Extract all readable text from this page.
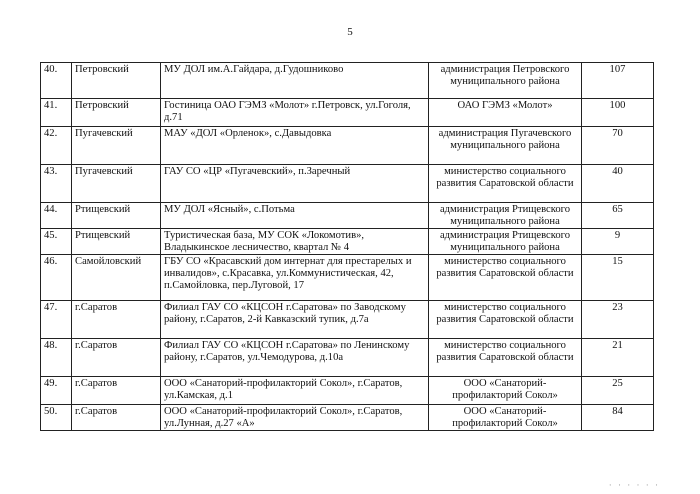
5
40.	Петровский	МУ ДОЛ им.А.Гайдара, д.Гудошниково	администрация Петровского муниципального района	107
41.	Петровский	Гостиница ОАО ГЭМЗ «Молот» г.Петровск, ул.Гоголя, д.71	ОАО ГЭМЗ «Молот»	100
42.	Пугачевский	МАУ «ДОЛ «Орленок», с.Давыдовка	администрация Пугачевского муниципального района	70
43.	Пугачевский	ГАУ СО «ЦР «Пугачевский», п.Заречный	министерство социального развития Саратовской области	40
44.	Ртищевский	МУ ДОЛ «Ясный», с.Потьма	администрация Ртищевского муниципального района	65
45.	Ртищевский	Туристическая база, МУ СОК «Локомотив», Владыкинское лесничество, квартал № 4	администрация Ртищевского муниципального района	9
46.	Самойловский	ГБУ СО «Красавский дом интернат для престарелых и инвалидов», с.Красавка, ул.Коммунистическая, 42, п.Самойловка, пер.Луговой, 17	министерство социального развития Саратовской области	15
47.	г.Саратов	Филиал ГАУ СО «КЦСОН г.Саратова» по Заводскому району, г.Саратов, 2-й Кавказский тупик, д.7а	министерство социального развития Саратовской области	23
48.	г.Саратов	Филиал ГАУ СО «КЦСОН г.Саратова» по Ленинскому району, г.Саратов, ул.Чемодурова, д.10а	министерство социального развития Саратовской области	21
49.	г.Саратов	ООО «Санаторий-профилакторий Сокол», г.Саратов, ул.Камская, д.1	ООО «Санаторий-профилакторий Сокол»	25
50.	г.Саратов	ООО «Санаторий-профилакторий Сокол», г.Саратов, ул.Лунная, д.27 «А»	ООО «Санаторий-профилакторий Сокол»	84
· · · · · ·
